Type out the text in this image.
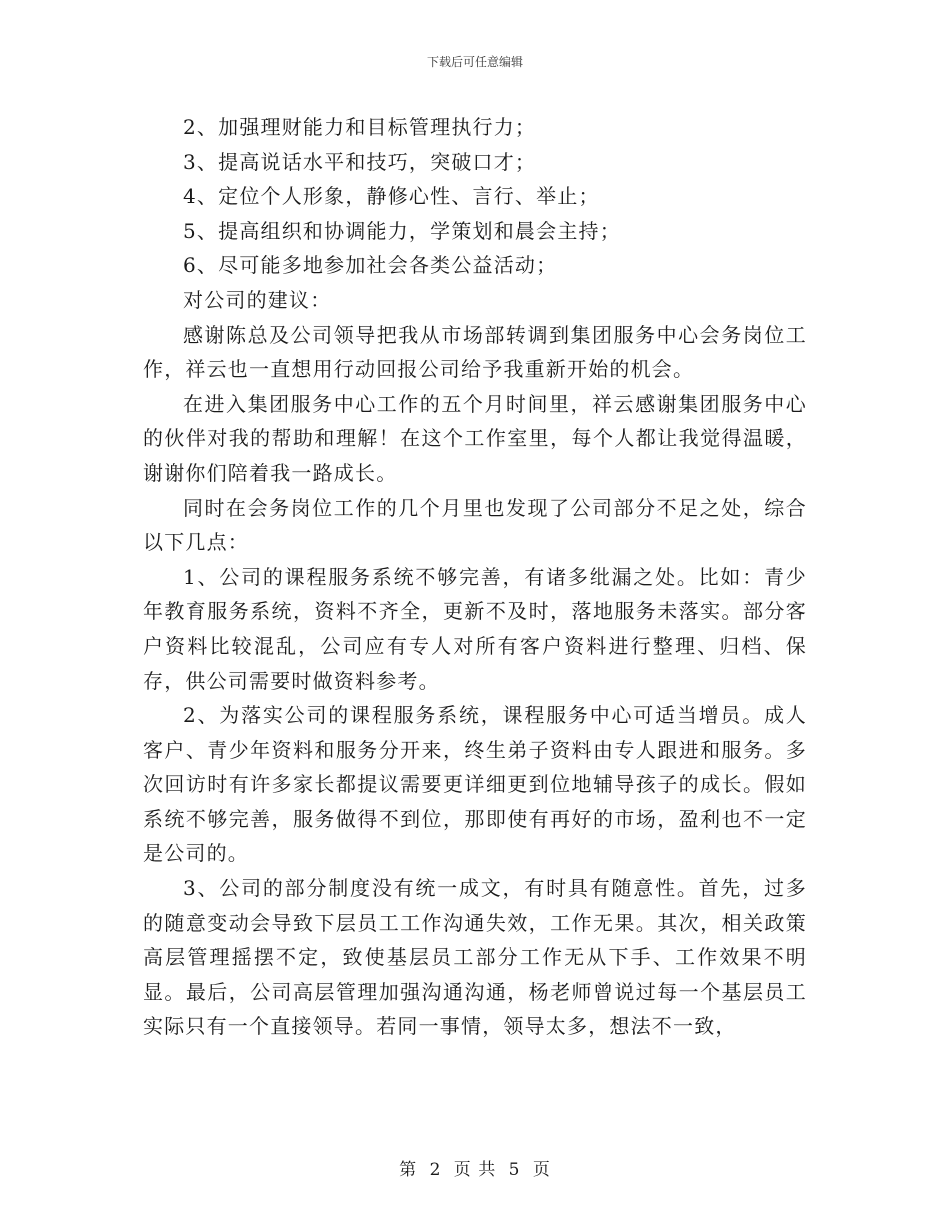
下载后可任意编辑

2、加强理财能力和目标管理执行力；

3、提高说话水平和技巧，突破口才；

4、定位个人形象，静修心性、言行、举止；

5、提高组织和协调能力，学策划和晨会主持；

6、尽可能多地参加社会各类公益活动；

对公司的建议：

感谢陈总及公司领导把我从市场部转调到集团服务中心会务岗位工作，祥云也一直想用行动回报公司给予我重新开始的机会。

在进入集团服务中心工作的五个月时间里，祥云感谢集团服务中心的伙伴对我的帮助和理解！在这个工作室里，每个人都让我觉得温暖，谢谢你们陪着我一路成长。

同时在会务岗位工作的几个月里也发现了公司部分不足之处，综合以下几点：

1、公司的课程服务系统不够完善，有诸多纰漏之处。比如：青少年教育服务系统，资料不齐全，更新不及时，落地服务未落实。部分客户资料比较混乱，公司应有专人对所有客户资料进行整理、归档、保存，供公司需要时做资料参考。

2、为落实公司的课程服务系统，课程服务中心可适当增员。成人客户、青少年资料和服务分开来，终生弟子资料由专人跟进和服务。多次回访时有许多家长都提议需要更详细更到位地辅导孩子的成长。假如系统不够完善，服务做得不到位，那即使有再好的市场，盈利也不一定是公司的。

3、公司的部分制度没有统一成文，有时具有随意性。首先，过多的随意变动会导致下层员工工作沟通失效，工作无果。其次，相关政策高层管理摇摆不定，致使基层员工部分工作无从下手、工作效果不明显。最后，公司高层管理加强沟通沟通，杨老师曾说过每一个基层员工实际只有一个直接领导。若同一事情，领导太多，想法不一致，

第 2 页 共 5 页
